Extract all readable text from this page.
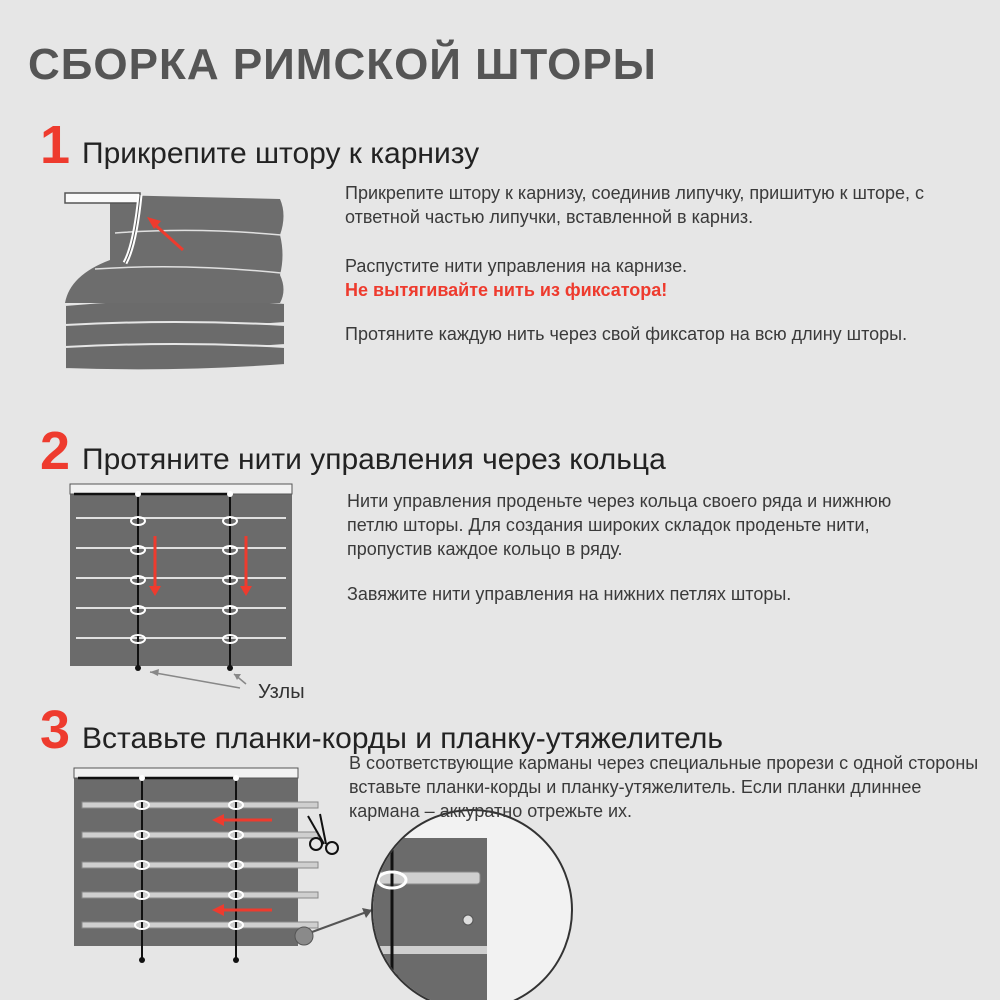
СБОРКА РИМСКОЙ ШТОРЫ
1 Прикрепите штору к карнизу

Прикрепите штору к карнизу, соединив липучку, пришитую к шторе, с ответной частью липучки, вставленной в карниз.

Распустите нити управления на карнизе.

Не вытягивайте нить из фиксатора!

Протяните каждую нить через свой фиксатор на всю длину шторы.

2 Протяните нити управления через кольца
Узлы

Нити управления проденьте через кольца своего ряда и нижнюю петлю шторы. Для создания широких складок проденьте нити, пропустив каждое кольцо в ряду.

Завяжите нити управления на нижних петлях шторы.

3 Вставьте планки-корды и планку-утяжелитель

В соответствующие карманы через специальные прорези с одной стороны вставьте планки-корды и планку-утяжелитель. Если планки длиннее кармана – аккуратно отрежьте их.
